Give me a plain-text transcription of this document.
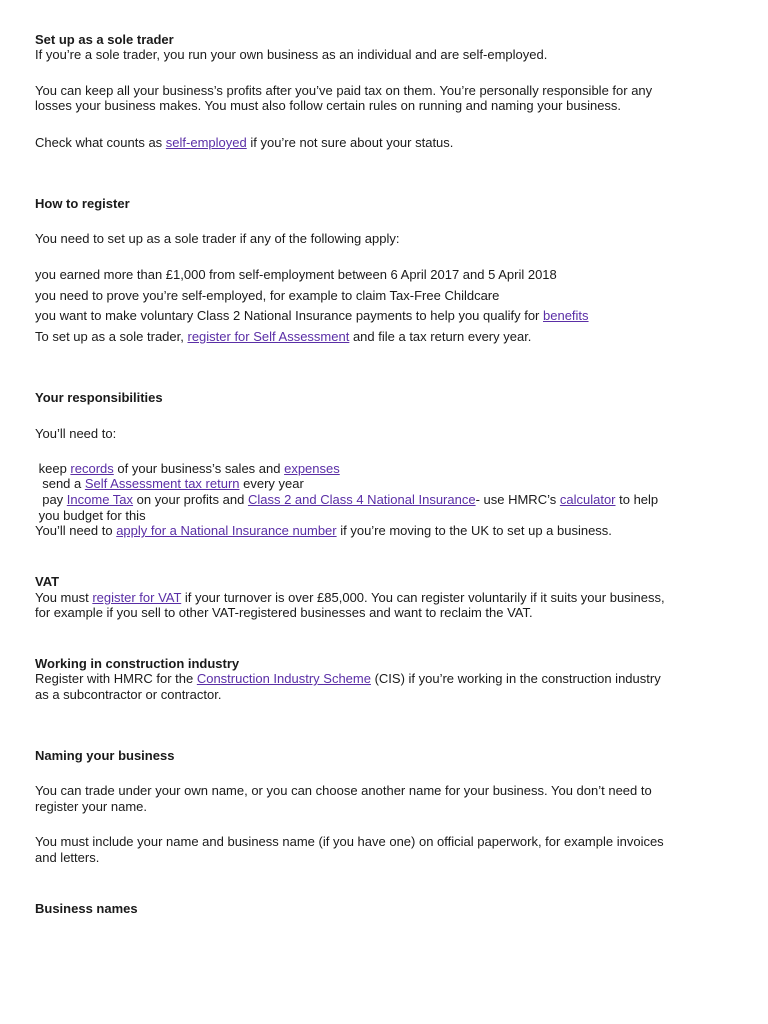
Set up as a sole trader
If you’re a sole trader, you run your own business as an individual and are self-employed.
You can keep all your business’s profits after you’ve paid tax on them. You’re personally responsible for any
losses your business makes. You must also follow certain rules on running and naming your business.
Check what counts as self-employed if you’re not sure about your status.
How to register
You need to set up as a sole trader if any of the following apply:
you earned more than £1,000 from self-employment between 6 April 2017 and 5 April 2018
you need to prove you’re self-employed, for example to claim Tax-Free Childcare
you want to make voluntary Class 2 National Insurance payments to help you qualify for benefits
To set up as a sole trader, register for Self Assessment and file a tax return every year.
Your responsibilities
You’ll need to:
keep records of your business’s sales and expenses
send a Self Assessment tax return every year
pay Income Tax on your profits and Class 2 and Class 4 National Insurance- use HMRC’s calculator to help
you budget for this
You’ll need to apply for a National Insurance number if you’re moving to the UK to set up a business.
VAT
You must register for VAT if your turnover is over £85,000. You can register voluntarily if it suits your business,
for example if you sell to other VAT-registered businesses and want to reclaim the VAT.
Working in construction industry
Register with HMRC for the Construction Industry Scheme (CIS) if you’re working in the construction industry
as a subcontractor or contractor.
Naming your business
You can trade under your own name, or you can choose another name for your business. You don’t need to
register your name.
You must include your name and business name (if you have one) on official paperwork, for example invoices
and letters.
Business names
